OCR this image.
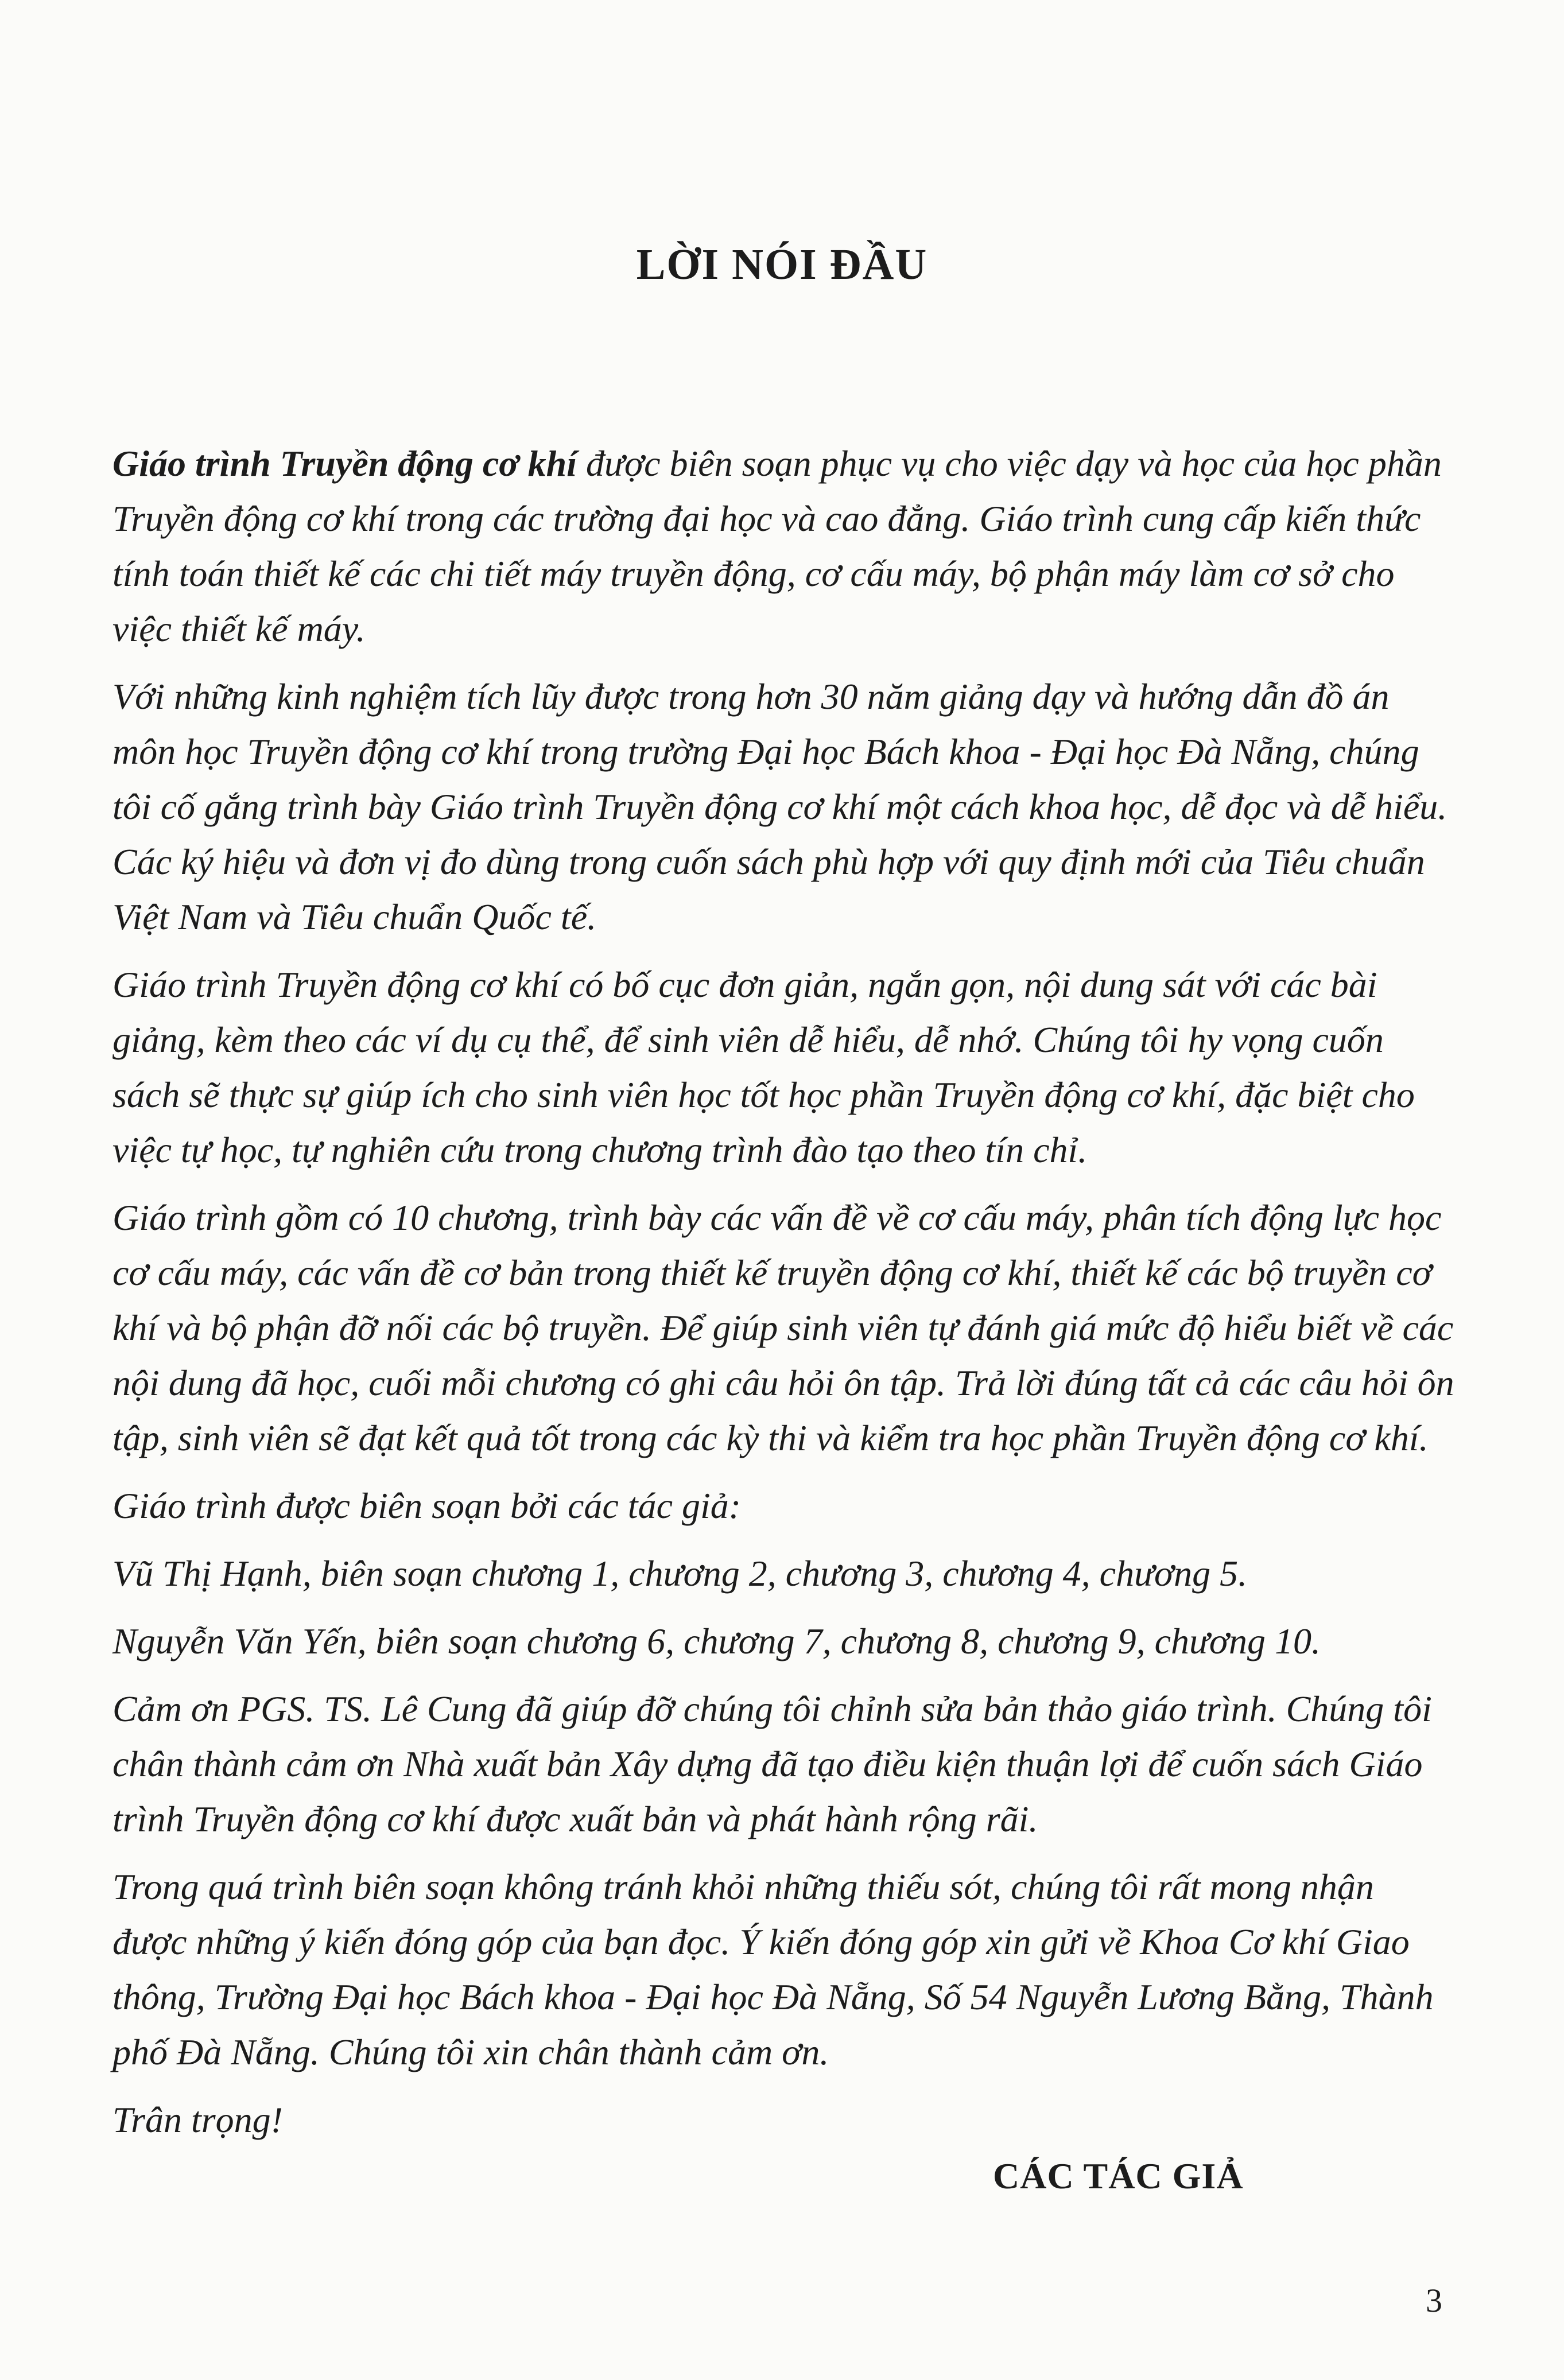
LỜI NÓI ĐẦU

Giáo trình Truyền động cơ khí được biên soạn phục vụ cho việc dạy và học của học phần Truyền động cơ khí trong các trường đại học và cao đẳng. Giáo trình cung cấp kiến thức tính toán thiết kế các chi tiết máy truyền động, cơ cấu máy, bộ phận máy làm cơ sở cho việc thiết kế máy.

Với những kinh nghiệm tích lũy được trong hơn 30 năm giảng dạy và hướng dẫn đồ án môn học Truyền động cơ khí trong trường Đại học Bách khoa - Đại học Đà Nẵng, chúng tôi cố gắng trình bày Giáo trình Truyền động cơ khí một cách khoa học, dễ đọc và dễ hiểu. Các ký hiệu và đơn vị đo dùng trong cuốn sách phù hợp với quy định mới của Tiêu chuẩn Việt Nam và Tiêu chuẩn Quốc tế.

Giáo trình Truyền động cơ khí có bố cục đơn giản, ngắn gọn, nội dung sát với các bài giảng, kèm theo các ví dụ cụ thể, để sinh viên dễ hiểu, dễ nhớ. Chúng tôi hy vọng cuốn sách sẽ thực sự giúp ích cho sinh viên học tốt học phần Truyền động cơ khí, đặc biệt cho việc tự học, tự nghiên cứu trong chương trình đào tạo theo tín chỉ.

Giáo trình gồm có 10 chương, trình bày các vấn đề về cơ cấu máy, phân tích động lực học cơ cấu máy, các vấn đề cơ bản trong thiết kế truyền động cơ khí, thiết kế các bộ truyền cơ khí và bộ phận đỡ nối các bộ truyền. Để giúp sinh viên tự đánh giá mức độ hiểu biết về các nội dung đã học, cuối mỗi chương có ghi câu hỏi ôn tập. Trả lời đúng tất cả các câu hỏi ôn tập, sinh viên sẽ đạt kết quả tốt trong các kỳ thi và kiểm tra học phần Truyền động cơ khí.

Giáo trình được biên soạn bởi các tác giả:

Vũ Thị Hạnh, biên soạn chương 1, chương 2, chương 3, chương 4, chương 5.

Nguyễn Văn Yến, biên soạn chương 6, chương 7, chương 8, chương 9, chương 10.

Cảm ơn PGS. TS. Lê Cung đã giúp đỡ chúng tôi chỉnh sửa bản thảo giáo trình. Chúng tôi chân thành cảm ơn Nhà xuất bản Xây dựng đã tạo điều kiện thuận lợi để cuốn sách Giáo trình Truyền động cơ khí được xuất bản và phát hành rộng rãi.

Trong quá trình biên soạn không tránh khỏi những thiếu sót, chúng tôi rất mong nhận được những ý kiến đóng góp của bạn đọc. Ý kiến đóng góp xin gửi về Khoa Cơ khí Giao thông, Trường Đại học Bách khoa - Đại học Đà Nẵng, Số 54 Nguyễn Lương Bằng, Thành phố Đà Nẵng. Chúng tôi xin chân thành cảm ơn.

Trân trọng!

CÁC TÁC GIẢ

3
